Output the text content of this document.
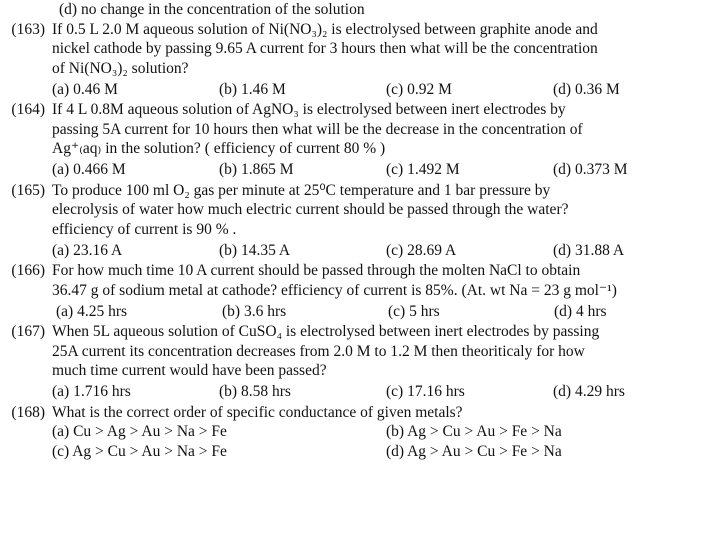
(d) no change in the concentration of the solution
(163) If 0.5 L 2.0 M aqueous solution of Ni(NO₃)₂ is electrolysed between graphite anode and
nickel cathode by passing 9.65 A current for 3 hours then what will be the concentration
of Ni(NO₃)₂ solution?
(a) 0.46 M	(b) 1.46 M	(c) 0.92 M	(d) 0.36 M
(164) If 4 L 0.8M aqueous solution of AgNO₃ is electrolysed between inert electrodes by
passing 5A current for 10 hours then what will be the decrease in the concentration of
Ag⁺₍aq₎ in the solution? ( efficiency of current 80 % )
(a) 0.466 M	(b) 1.865 M	(c) 1.492 M	(d) 0.373 M
(165) To produce 100 ml O₂ gas per minute at 25⁰C temperature and 1 bar pressure by
elecrolysis of water how much electric current should be passed through the water?
efficiency of current is 90 % .
(a) 23.16 A	(b) 14.35 A	(c) 28.69 A	(d) 31.88 A
(166) For how much time 10 A current should be passed through the molten NaCl to obtain
36.47 g of sodium metal at cathode? efficiency of current is 85%. (At. wt Na = 23 g mol⁻¹)
(a) 4.25 hrs	(b) 3.6 hrs	(c) 5 hrs	(d) 4 hrs
(167) When 5L aqueous solution of CuSO₄ is electrolysed between inert electrodes by passing
25A current its concentration decreases from 2.0 M to 1.2 M then theoriticaly for how
much time current would have been passed?
(a) 1.716 hrs	(b) 8.58 hrs	(c) 17.16 hrs	(d) 4.29 hrs
(168) What is the correct order of specific conductance of given metals?
(a) Cu > Ag > Au > Na > Fe	(b) Ag > Cu > Au > Fe > Na
(c) Ag > Cu > Au > Na > Fe	(d) Ag > Au > Cu > Fe > Na
